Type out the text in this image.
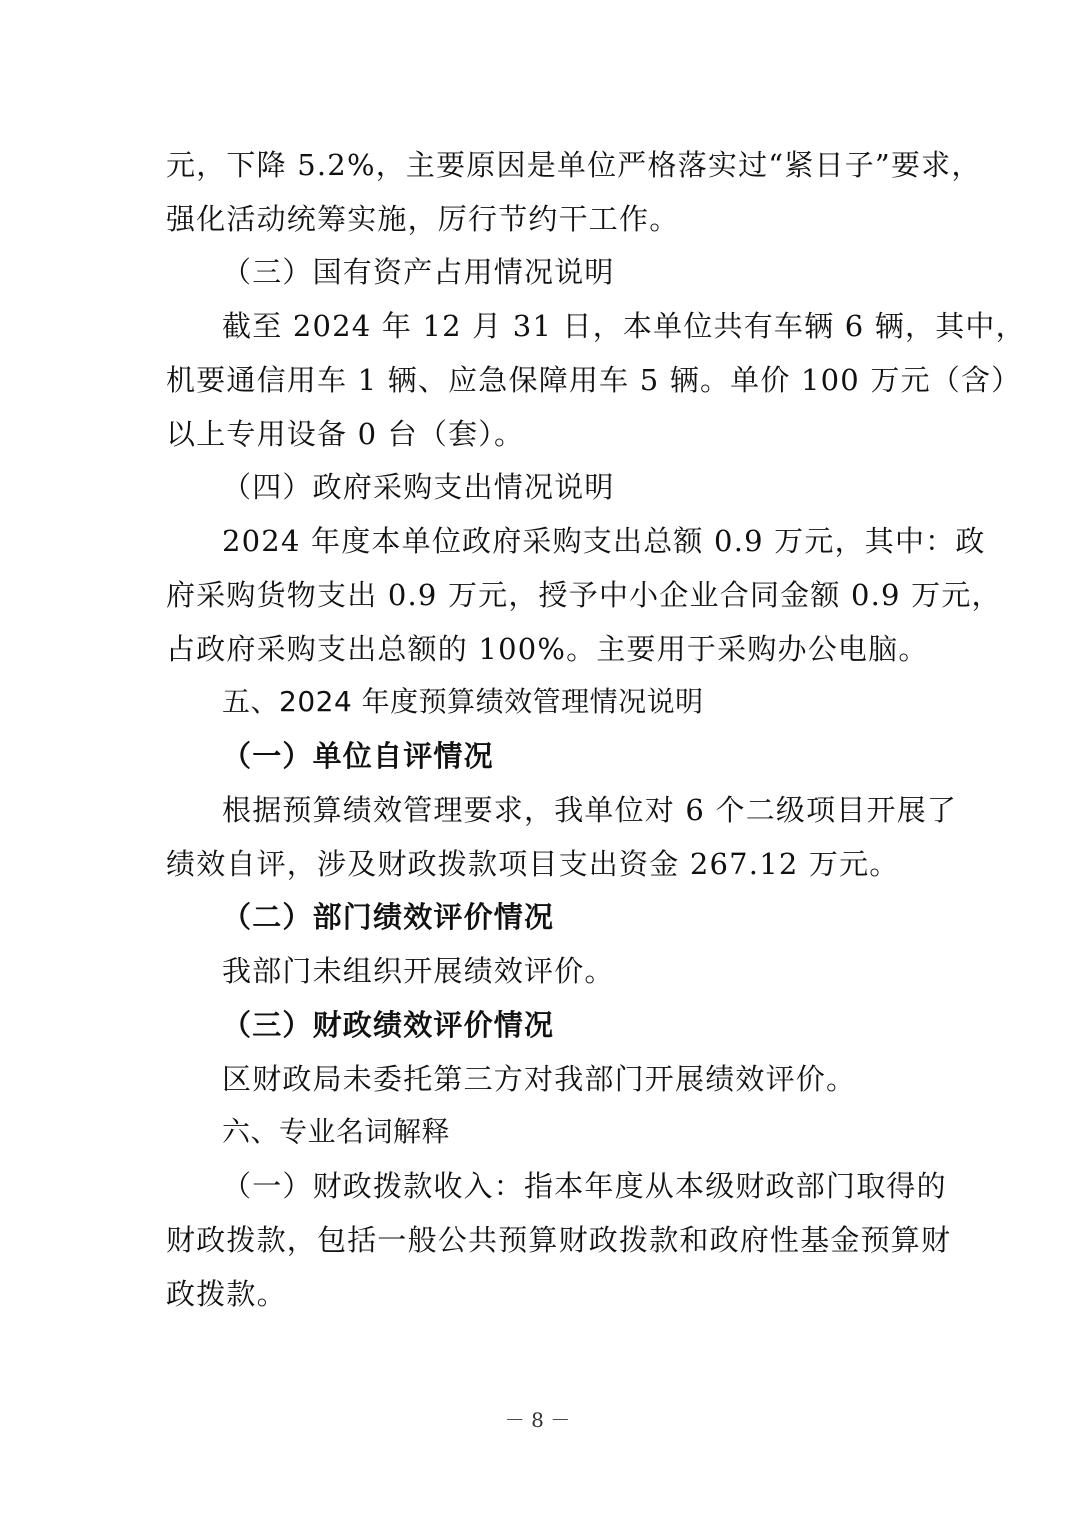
元，下降 5.2%，主要原因是单位严格落实过“紧日子”要求，
强化活动统筹实施，厉行节约干工作。
（三）国有资产占用情况说明
截至 2024 年 12 月 31 日，本单位共有车辆 6 辆，其中，
机要通信用车 1 辆、应急保障用车 5 辆。单价 100 万元（含）
以上专用设备 0 台（套）。
（四）政府采购支出情况说明
2024 年度本单位政府采购支出总额 0.9 万元，其中：政
府采购货物支出 0.9 万元，授予中小企业合同金额 0.9 万元，
占政府采购支出总额的 100%。主要用于采购办公电脑。
五、2024 年度预算绩效管理情况说明
（一）单位自评情况
根据预算绩效管理要求，我单位对 6 个二级项目开展了
绩效自评，涉及财政拨款项目支出资金 267.12 万元。
（二）部门绩效评价情况
我部门未组织开展绩效评价。
（三）财政绩效评价情况
区财政局未委托第三方对我部门开展绩效评价。
六、专业名词解释
（一）财政拨款收入：指本年度从本级财政部门取得的
财政拨款，包括一般公共预算财政拨款和政府性基金预算财
政拨款。
－ 8 －
